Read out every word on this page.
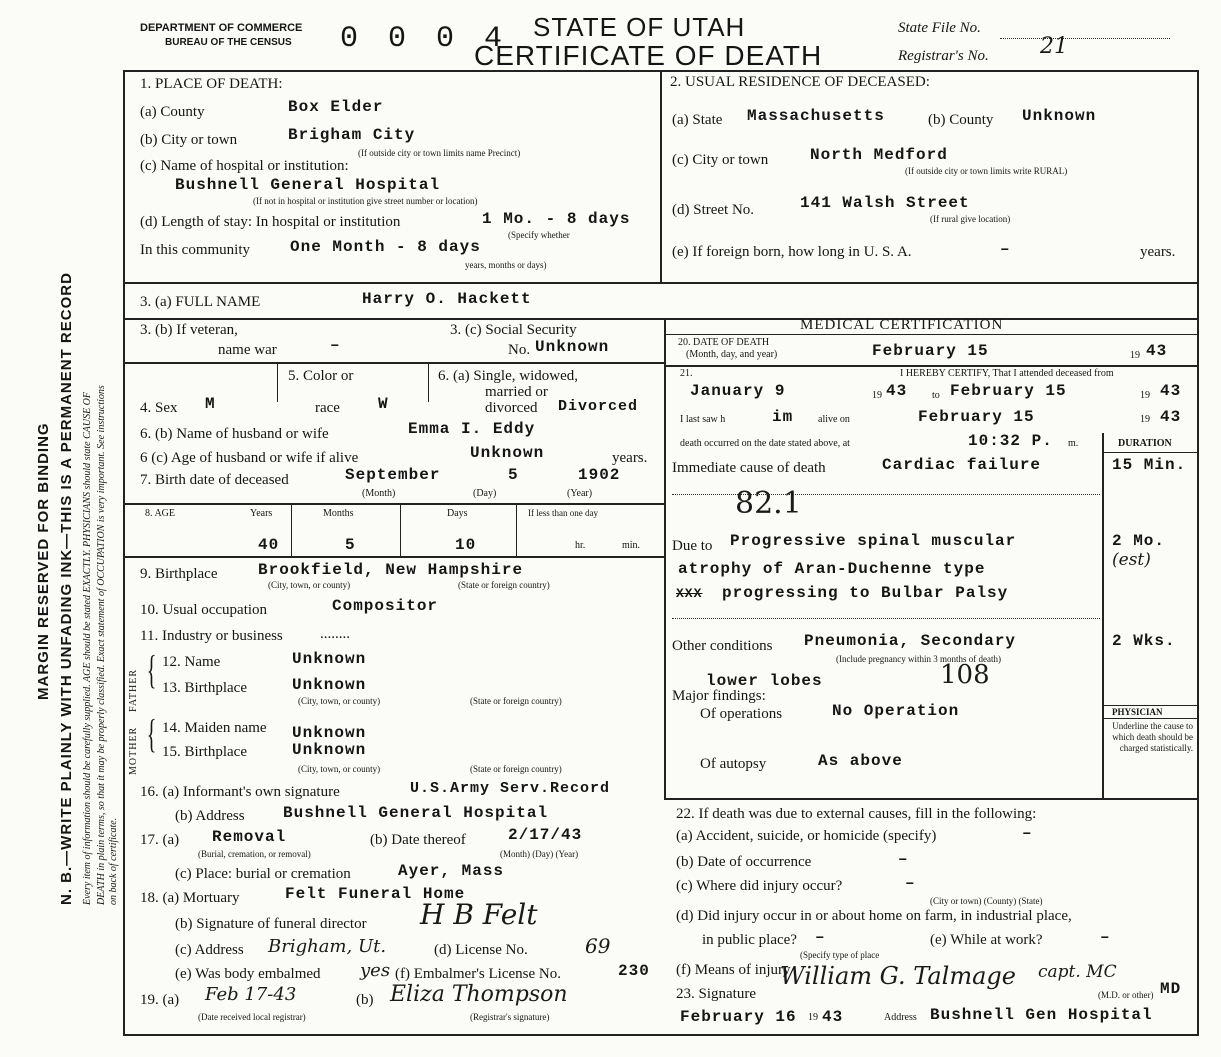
MARGIN RESERVED FOR BINDING N. B.—WRITE PLAINLY WITH UNFADING INK—THIS IS A PERMANENT RECORD Every item of information should be carefully supplied. AGE should be stated EXACTLY. PHYSICIANS should state CAUSE OF DEATH in plain terms, so that it may be properly classified. Exact statement of OCCUPATION is very important. See instructions on back of certificate.
DEPARTMENT OF COMMERCE
BUREAU OF THE CENSUS 0 0 0 4 STATE OF UTAH
CERTIFICATE OF DEATH
State File No.
Registrar's No. 21
1. PLACE OF DEATH:
(a) County	Box Elder
(b) City or town	Brigham City
(If outside city or town limits name Precinct)
(c) Name of hospital or institution:
Bushnell General Hospital
(If not in hospital or institution give street number or location)
(d) Length of stay: In hospital or institution	1 Mo. - 8 days
(Specify whether
In this community	One Month - 8 days
years, months or days)
2. USUAL RESIDENCE OF DECEASED:
(a) State Massachusetts	(b) County Unknown
(c) City or town	North Medford
(If outside city or town limits write RURAL)
(d) Street No.	141 Walsh Street
(If rural give location)
(e) If foreign born, how long in U. S. A.	–	years.
3. (a) FULL NAME	Harry O. Hackett
3. (b) If veteran,
name war	–
3. (c) Social Security
No. Unknown
4. Sex M
5. Color or
race W
6. (a) Single, widowed,
married or
divorced Divorced
6. (b) Name of husband or wife	Emma I. Eddy
6 (c) Age of husband or wife if alive	Unknown	years.
7. Birth date of deceased	September	5	1902
(Month)	(Day)	(Year)
8. AGE	Years	Months	Days	If less than one day
40	5	10	hr.	min.
9. Birthplace	Brookfield, New Hampshire
(City, town, or county)	(State or foreign country)
10. Usual occupation	Compositor
11. Industry or business ........
FATHER { 12. Name	Unknown
13. Birthplace	Unknown
(City, town, or county)	(State or foreign country)
MOTHER { 14. Maiden name Unknown
15. Birthplace	Unknown
(City, town, or county)	(State or foreign country)
16. (a) Informant's own signature	U.S.Army Serv.Record
(b) Address Bushnell General Hospital
17. (a) Removal
(Burial, cremation, or removal)
(b) Date thereof	2/17/43
(Month) (Day) (Year)
(c) Place: burial or cremation	Ayer, Mass
18. (a) Mortuary	Felt Funeral Home
(b) Signature of funeral director H B Felt
(c) Address Brigham, Ut.	(d) License No.	69
(e) Was body embalmed yes (f) Embalmer's License No.	230
19. (a) Feb 17-43	(b) Eliza Thompson
(Date received local registrar)	(Registrar's signature)
MEDICAL CERTIFICATION
20. DATE OF DEATH
(Month, day, and year)	February 15	19 43
21.	I HEREBY CERTIFY, That I attended deceased from
January 9	19 43 to February 15	19 43
I last saw h	im alive on	February 15	19 43
death occurred on the date stated above, at	10:32 P. m.	DURATION
Immediate cause of death	Cardiac failure	15 Min.
82.1
Due to Progressive spinal muscular
atrophy of Aran-Duchenne type
XXX progressing to Bulbar Palsy
2 Mo.
(est)
Other conditions Pneumonia, Secondary	2 Wks.
(Include pregnancy within 3 months of death)
lower lobes	108
Major findings:
Of operations	No Operation
Of autopsy	As above
PHYSICIAN
Underline the cause to which death should be charged statistically.
22. If death was due to external causes, fill in the following:
(a) Accident, suicide, or homicide (specify)	–
(b) Date of occurrence	–
(c) Where did injury occur?	–
(City or town) (County) (State)
(d) Did injury occur in or about home on farm, in industrial place,
in public place? –	(e) While at work?	–
(Specify type of place
(f) Means of injury
23. Signature
William G. Talmage capt. MC
(M.D. or other) MD
February 16 19 43	Address Bushnell Gen Hospital
